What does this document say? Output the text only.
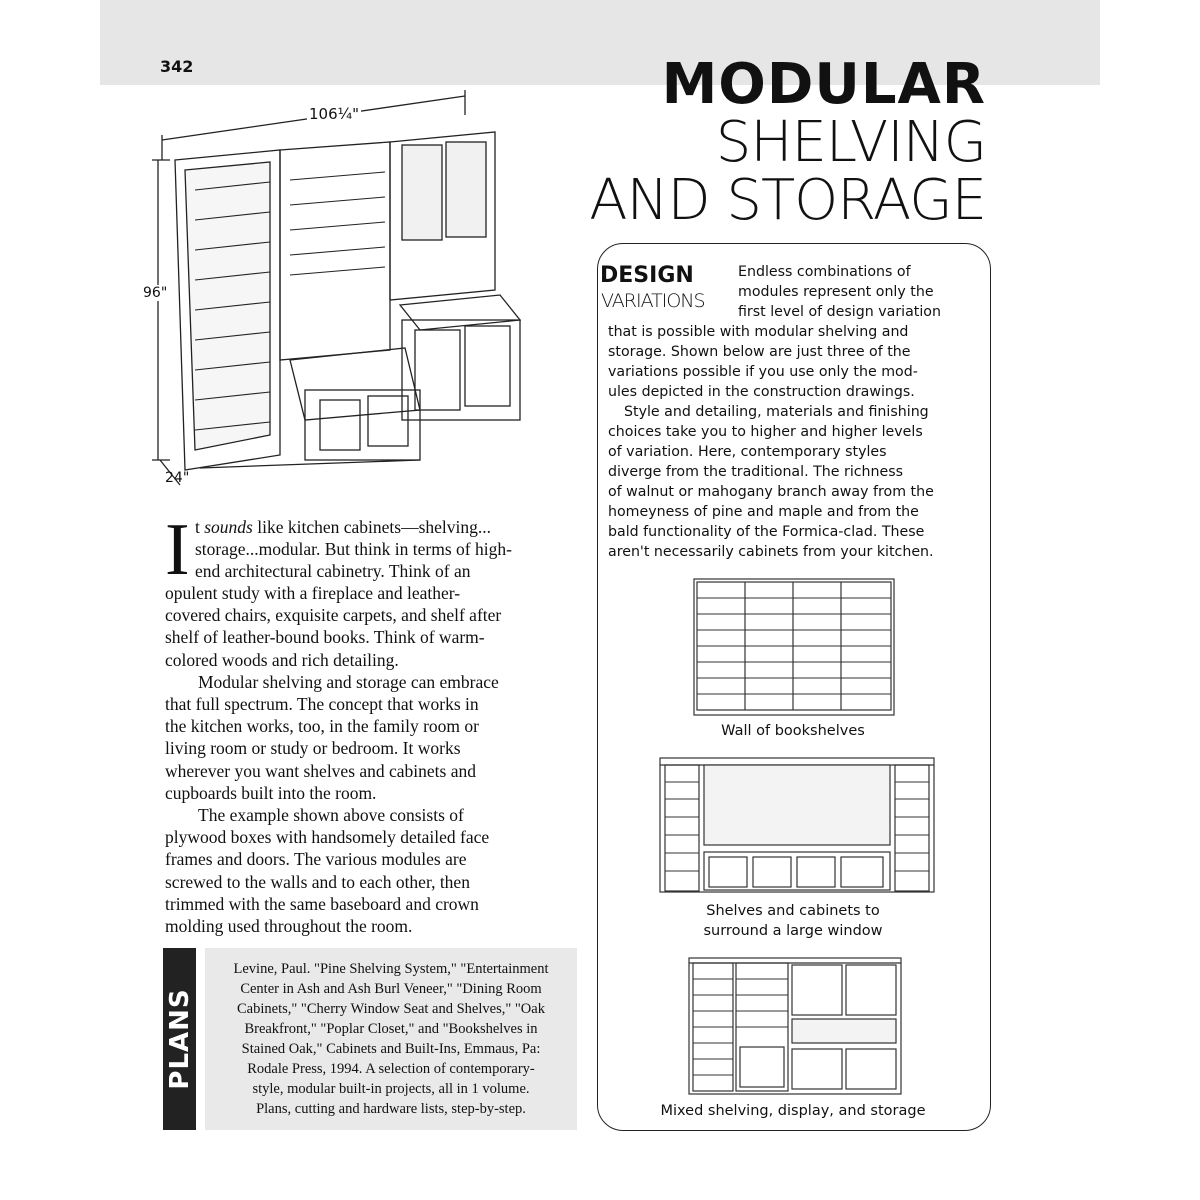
342	MODULAR
SHELVING
AND STORAGE
106¼"
96"
24"
I t sounds like kitchen cabinets—shelving...
storage...modular. But think in terms of high-
end architectural cabinetry. Think of an
opulent study with a fireplace and leather-
covered chairs, exquisite carpets, and shelf after
shelf of leather-bound books. Think of warm-
colored woods and rich detailing.
Modular shelving and storage can embrace
that full spectrum. The concept that works in
the kitchen works, too, in the family room or
living room or study or bedroom. It works
wherever you want shelves and cabinets and
cupboards built into the room.
The example shown above consists of
plywood boxes with handsomely detailed face
frames and doors. The various modules are
screwed to the walls and to each other, then
trimmed with the same baseboard and crown
molding used throughout the room.
PLANS
Levine, Paul. "Pine Shelving System," "Entertainment
Center in Ash and Ash Burl Veneer," "Dining Room
Cabinets," "Cherry Window Seat and Shelves," "Oak
Breakfront," "Poplar Closet," and "Bookshelves in
Stained Oak," Cabinets and Built-Ins, Emmaus, Pa:
Rodale Press, 1994. A selection of contemporary-
style, modular built-in projects, all in 1 volume.
Plans, cutting and hardware lists, step-by-step.
DESIGN
VARIATIONS
Endless combinations of
modules represent only the
first level of design variation
that is possible with modular shelving and
storage. Shown below are just three of the
variations possible if you use only the mod-
ules depicted in the construction drawings.
Style and detailing, materials and finishing
choices take you to higher and higher levels
of variation. Here, contemporary styles
diverge from the traditional. The richness
of walnut or mahogany branch away from the
homeyness of pine and maple and from the
bald functionality of the Formica-clad. These
aren't necessarily cabinets from your kitchen.
Wall of bookshelves
Shelves and cabinets to
surround a large window
Mixed shelving, display, and storage
